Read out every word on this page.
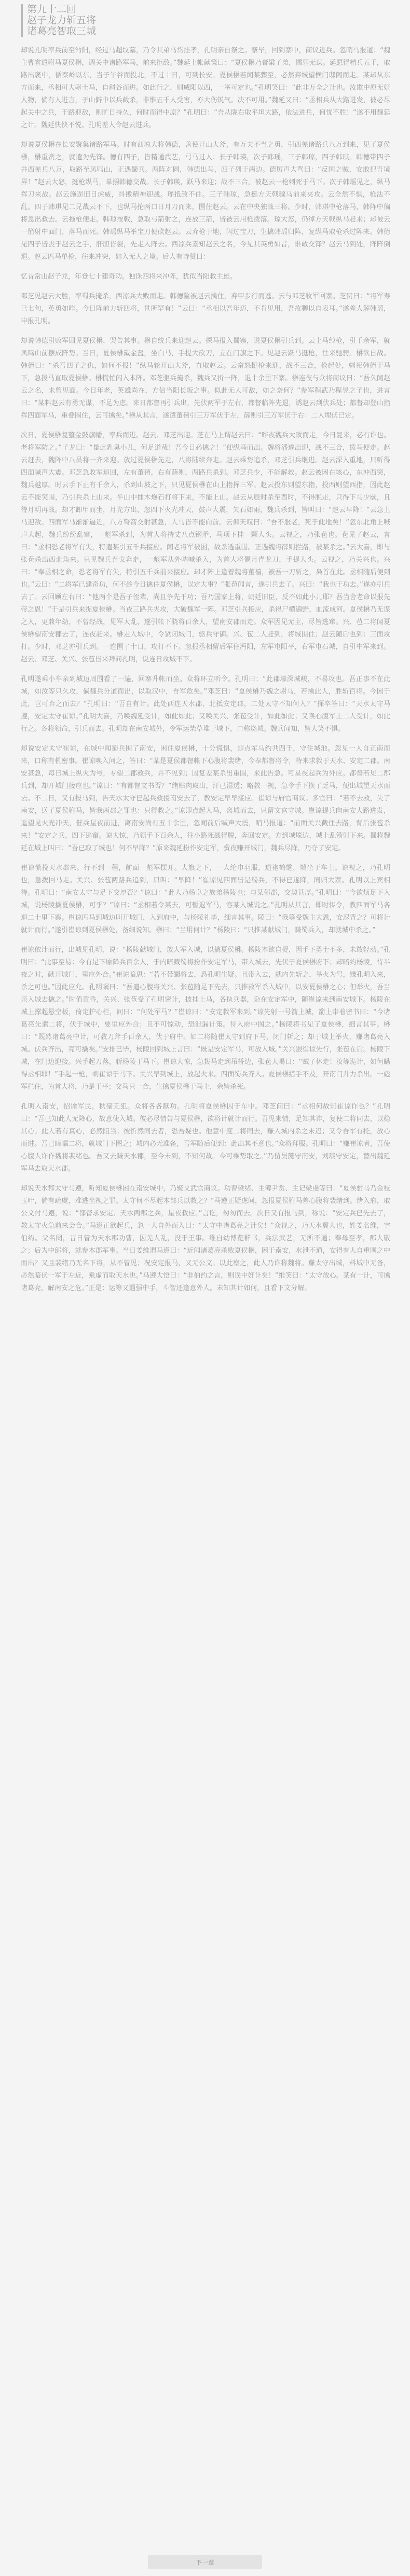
第九十二回
赵子龙力斩五将
诸葛亮智取三城

却说孔明率兵前至沔阳，经过马超坟墓，乃令其弟马岱挂孝，孔明亲自祭之。祭毕，回到寨中，商议进兵。忽哨马报道：“魏主曹睿遣驸马夏侯楙，调关中诸路军马，前来拒敌。”魏延上帐献策曰：“夏侯楙乃膏粱子弟，懦弱无谋。延愿得精兵五千，取路出褒中，循秦岭以东，当子午谷而投北，不过十日，可到长安。夏侯楙若闻某骤至，必然弃城望横门邸阁而走。某却从东方而来，丞相可大驱士马，自斜谷而进。如此行之，则咸阳以西，一举可定也。”孔明笑曰：“此非万全之计也。汝欺中原无好人物，倘有人进言，于山僻中以兵截杀，非惟五千人受害，亦大伤锐气。决不可用。”魏延又曰：“丞相兵从大路进发，彼必尽起关中之兵，于路迎敌，则旷日持久，何时而得中原？”孔明曰：“吾从陇右取平坦大路，依法进兵，何忧不胜！”遂不用魏延之计。魏延快快不悦。孔明差人令赵云进兵。

却说夏侯楙在长安聚集诸路军马。时有西凉大将韩德，善使开山大斧，有万夫不当之勇，引西羌诸路兵八万到来，见了夏侯楙，楙重赏之，就遣为先锋。德有四子，皆精通武艺，弓马过人：长子韩瑛，次子韩瑶，三子韩琼，四子韩琪。韩德带四子并西羌兵八万，取路至凤鸣山，正遇蜀兵。两阵对圆，韩德出马，四子列于两边。德厉声大骂曰：“反国之贼，安敢犯吾境界！”赵云大怒，挺枪纵马，单搦韩德交战。长子韩瑛，跃马来迎；战不三合，被赵云一枪刺死于马下。次子韩瑶见之，纵马挥刀来战。赵云施逞旧日虎威，抖擞精神迎战。瑶抵敌不住。三子韩琼，急挺方天戟骤马前来夹攻。云全然不惧，枪法不乱。四子韩琪见二兄战云不下，也纵马抡两口日月刀而来，围住赵云。云在中央独战三将。少时，韩琪中枪落马，韩阵中偏将急出救去。云拖枪便走。韩琼按戟，急取弓箭射之，连放三箭，皆被云用枪拨落。琼大怒，仍绰方天戟纵马赶来；却被云一箭射中面门，落马而死。韩瑶纵马举宝刀便砍赵云。云弃枪于地，闪过宝刀，生擒韩瑶归阵，复纵马取枪杀过阵来。韩德见四子皆丧于赵云之手，肝胆皆裂，先走入阵去。西凉兵素知赵云之名，今见其英勇如昔，谁敢交锋？赵云马到处，阵阵倒退。赵云匹马单枪，往来冲突，如入无人之境。后人有诗赞曰：

忆昔常山赵子龙，年登七十建奇功。独诛四将来冲阵，犹似当阳救主雄。

邓芝见赵云大胜，率蜀兵掩杀，西凉兵大败而走。韩德险被赵云擒住，弃甲步行而逃。云与邓芝收军回寨。芝贺曰：“将军寿已七旬，英勇如昨。今日阵前力斩四将，世所罕有！”云曰：“丞相以吾年迈，不肯见用，吾故聊以自表耳。”遂差人解韩瑶，申报孔明。

却说韩德引败军回见夏侯楙，哭告其事。楙自统兵来迎赵云。探马报入蜀寨，说夏侯楙引兵到。云上马绰枪，引千余军，就凤鸣山前摆成阵势。当日，夏侯楙戴金盔，坐白马，手提大砍刀，立在门旗之下。见赵云跃马挺枪，往来驰骋。楙欲自战。韩德曰：“杀吾四子之仇，如何不报！”纵马轮开山大斧，直取赵云。云奋怒挺枪来迎，战不三合，枪起处，刺死韩德于马下，急拨马直取夏侯楙。楙慌忙闪入本阵。邓芝驱兵掩杀，魏兵又折一阵，退十余里下寨。楙连夜与众将商议曰：“吾久闻赵云之名，未曾见面。今日年老，英雄尚在，方信当阳长坂之事。似此无人可敌，如之奈何？”参军程武乃程昱之子也，进言曰：“某料赵云有勇无谋，不足为虑。来日都督再引兵出，先伏两军于左右，都督临阵先退，诱赵云到伏兵处；都督却登山指挥四面军马，重叠围住，云可擒矣。”楙从其言，遂遣董禧引三万军伏于左，薛则引三万军伏于右：二人埋伏已定。

次日，夏侯楙复整金鼓旗幡，率兵而进。赵云、邓芝出迎。芝在马上谓赵云曰：“昨夜魏兵大败而走，今日复来，必有诈也。老将军防之。”子龙曰：“量此乳臭小儿，何足道哉！吾今日必擒之！”便纵马而出。魏将潘遂出迎，战不三合，拨马便走。赵云赶去，魏阵中八员将一齐来迎。放过夏侯楙先走，八将陆续奔走。赵云乘势追杀，邓芝引兵继进。赵云深入重地，只听得四面喊声大震。邓芝急收军退回，左有董禧，右有薛则，两路兵杀到。邓芝兵少，不能解救。赵云被困在垓心，东冲西突，魏兵越厚。时云手下止有千余人，杀到山坡之下，只见夏侯楙在山上指挥三军。赵云投东则望东指，投西则望西指，因此赵云不能突围，乃引兵杀上山来。半山中擂木炮石打将下来，不能上山。赵云从辰时杀至酉时，不得脱走，只得下马少歇，且待月明再战。却才卸甲而坐，月光方出，忽四下火光冲天，鼓声大震，矢石如雨，魏兵杀到，皆叫曰：“赵云早降！”云急上马迎敌。四面军马渐渐逼近，八方弩箭交射甚急，人马皆不能向前。云仰天叹曰：“吾不服老，死于此地矣！”忽东北角上喊声大起，魏兵纷纷乱窜，一彪军杀到，为首大将持丈八点钢矛，马项下挂一颗人头。云视之，乃张苞也。苞见了赵云，言曰：“丞相恐老将军有失，特遣某引五千兵接应。闻老将军被困，故杀透重围。正遇魏将薛则拦路，被某杀之。”云大喜，即与张苞杀出西北角来。只见魏兵弃戈奔走，一彪军从外呐喊杀入，为首大将偃月青龙刀，手提人头。云视之，乃关兴也。兴曰：“奉丞相之命，恐老将军有失，特引五千兵前来接应。却才阵上逢着魏将董禧，被吾一刀斩之，枭首在此。丞相随后便到也。”云曰：“二将军已建奇功，何不趁今日擒住夏侯楙，以定大事？”张苞闻言，遂引兵去了。兴曰：“我也干功去。”遂亦引兵去了。云回顾左右曰：“他两个是吾子侄辈，尚且争先干功；吾乃国家上将，朝廷旧臣，反不如此小儿耶？吾当舍老命以报先帝之恩！”于是引兵来捉夏侯楙。当夜三路兵夹攻，大破魏军一阵。邓芝引兵接应，杀得尸横遍野，血流成河。夏侯楙乃无谋之人，更兼年幼，不曾经战，见军大乱，遂引帐下骁将百余人，望南安郡而走。众军因见无主，尽皆逃窜。兴、苞二将闻夏侯楙望南安郡去了，连夜赶来。楙走入城中，令紧闭城门，驱兵守御。兴、苞二人赶到，将城围住；赵云随后也到：三面攻打。少时，邓芝亦引兵到。一连围了十日，攻打不下。忽报丞相留后军住沔阳，左军屯阳平，右军屯石城，自引中军来到。赵云、邓芝、关兴、张苞皆来拜问孔明，说连日攻城不下。

孔明遂乘小车亲到城边周围看了一遍，回寨升帐而坐。众将环立听令。孔明曰：“此郡壕深城峻，不易攻也。吾正事不在此城，如汝等只久攻，倘魏兵分道而出，以取汉中，吾军危矣。”邓芝曰：“夏侯楙乃魏之驸马，若擒此人，胜斩百将。今困于此，岂可弃之而去？”孔明曰：“吾自有计。此处西连天水郡，北抵安定郡，二处太守不知何人？”探卒答曰：“天水太守马遵，安定太守崔谅。”孔明大喜，乃唤魏延受计，如此如此；又唤关兴、张苞受计，如此如此；又唤心腹军士二人受计，如此行之。各将领命，引兵而去。孔明却在南安城外，令军运柴草堆于城下，口称烧城。魏兵闻知，皆大笑不惧。

却说安定太守崔谅，在城中闻蜀兵围了南安，困住夏侯楙，十分慌惧，即点军马约共四千，守住城池。忽见一人自正南而来，口称有机密事。崔谅唤入问之，答曰：“某是夏侯都督帐下心腹将裴绪，今奉都督将令，特来求救于天水、安定二郡。南安甚急，每日城上纵火为号，专望二郡救兵，并不见到；因复差某杀出重围，来此告急。可星夜起兵为外应。都督若见二郡兵到，却开城门接应也。”谅曰：“有都督文书否？”绪贴肉取出，汗已湿透；略教一视，急令手下换了乏马，便出城望天水而去。不二日，又有报马到，告天水太守已起兵救援南安去了，教安定早早接应。崔谅与府官商议。多官曰：“若不去救，失了南安，送了夏侯驸马，皆我两郡之罪也：只得救之。”谅即点起人马，离城而去，只留文官守城。崔谅提兵向南安大路进发，遥望见火光冲天，催兵星夜前进，离南安尚有五十余里，忽闻前后喊声大震，哨马报道：“前面关兴截住去路，背后张苞杀来！”安定之兵，四下逃窜。谅大惊，乃领手下百余人，往小路死战得脱，奔回安定。方到城壕边，城上乱箭射下来。蜀将魏延在城上叫曰：“吾已取了城也！何不早降？”原来魏延扮作安定军，夤夜赚开城门，魏兵尽降，乃夺了安定。

崔谅慌投天水郡来。行不到一程，前面一彪军摆开。大旗之下，一人纶巾羽服，道袍鹤氅，端坐于车上。谅视之，乃孔明也，急拨回马走。关兴、张苞两路兵追到，只叫：“早降！”崔谅见四面皆是蜀兵，不得已遂降，同归大寨。孔明以上宾相待。孔明曰：“南安太守与足下交厚否？”谅曰：“此人乃杨阜之族弟杨陵也；与某邻郡，交契甚厚。”孔明曰：“今欲烦足下入城，说杨陵擒夏侯楙，可乎？”谅曰：“丞相若令某去，可暂退军马，容某入城说之。”孔明从其言，即时传令，教四面军马各退二十里下寨。崔谅匹马到城边叫开城门，入到府中，与杨陵礼毕，细言其事。陵曰：“我等受魏主大恩，安忍背之？可将计就计而行。”遂引崔谅到夏侯楙处，备细说知。楙曰：“当用何计？”杨陵曰：“只推某献城门，赚蜀兵入，却就城中杀之。”

崔谅依计而行，出城见孔明，说：“杨陵献城门，放大军入城，以擒夏侯楙。杨陵本欲自捉，因手下勇士不多，未敢轻动。”孔明曰：“此事至易：今有足下原降兵百余人，于内暗藏蜀将扮作安定军马，带入城去，先伏于夏侯楙府下；却暗约杨陵，待半夜之时，献开城门，里应外合。”崔谅暗思：“若不带蜀将去，恐孔明生疑。且带入去，就内先斩之，举火为号，赚孔明入来，杀之可也。”因此应允。孔明嘱曰：“吾遣心腹将关兴、张苞随足下先去，只推救军杀入城中，以安夏侯楙之心；但举火，吾当亲入城去擒之。”时值黄昏，关兴、张苞受了孔明密计，披挂上马，各执兵器，杂在安定军中，随崔谅来到南安城下。杨陵在城上撑起悬空板，倚定护心栏，问曰：“何处军马？”崔谅曰：“安定救军来到。”谅先射一号箭上城，箭上带着密书曰：“今诸葛亮先遣二将，伏于城中，要里应外合；且不可惊动，恐泄漏计策。待入府中图之。”杨陵将书见了夏侯楙，细言其事。楙曰：“既然诸葛亮中计，可教刀斧手百余人，伏于府中。如二将随崔太守到府下马，闭门斩之；却于城上举火，赚诸葛亮入城。伏兵齐出，亮可擒矣。”安排已毕，杨陵回到城上言曰：“既是安定军马，可放入城。”关兴跟崔谅先行，张苞在后。杨陵下城，在门边迎接。兴手起刀落，斩杨陵于马下。崔谅大惊，急拨马走到吊桥边，张苞大喝曰：“贼子休走！汝等诡计，如何瞒得丞相耶！”手起一枪，刺崔谅于马下。关兴早到城上，放起火来。四面蜀兵齐入。夏侯楙措手不及，开南门并力杀出。一彪军拦住，为首大将，乃是王平；交马只一合，生擒夏侯楙于马上，余皆杀死。

孔明入南安，招谕军民，秋毫无犯。众将各各献功。孔明将夏侯楙囚于车中。邓芝问曰：“丞相何故知崔谅诈也？”孔明曰：“吾已知此人无降心，故意使入城。彼必尽情告与夏侯楙，欲将计就计而行。吾见来情，足知其诈，复使二将同去，以稳其心。此人若有真心，必然阻当；彼忻然同去者，恐吾疑也。他意中度二将同去，赚入城内杀之未迟；又令吾军有托，放心而进。吾已暗嘱二将，就城门下图之；城内必无准备，吾军随后便到：此出其不意也。”众将拜服。孔明曰：“赚崔谅者，吾使心腹人诈作魏将裴绪也。吾又去赚天水郡，至今未到，不知何故。今可乘势取之。”乃留吴懿守南安，刘琰守安定，替出魏延军马去取天水郡。

却说天水郡太守马遵，听知夏侯楙困在南安城中，乃聚文武官商议。功曹梁绪、主簿尹赏、主记梁虔等曰：“夏侯驸马乃金枝玉叶，倘有疏虞，难逃坐视之罪。太守何不尽起本部兵以救之？”马遵正疑虑间，忽报夏侯驸马差心腹将裴绪到。绪入府，取公文付马遵，说：“都督求安定、天水两郡之兵，星夜救应。”言讫，匆匆而去。次日又有报马到，称说：“安定兵已先去了，教太守火急前来会合。”马遵正欲起兵，忽一人自外而入曰：“太守中诸葛亮之计矣！”众视之，乃天水冀人也，姓姜名维，字伯约。父名冏，昔日曾为天水郡功曹，因羌人乱，没于王事。维自幼博览群书，兵法武艺，无所不通；奉母至孝，郡人敬之；后为中郎将，就参本郡军事。当日姜维谓马遵曰：“近闻诸葛亮杀败夏侯楙，困于南安，水泄不通，安得有人自重围之中而出？又且裴绪乃无名下将，从不曾见；况安定报马，又无公文。以此察之，此人乃诈称魏将。赚太守出城，料城中无备，必然暗伏一军于左近，乘虚而取天水也。”马遵大悟曰：“非伯约之言，则误中奸计矣！”维笑曰：“太守放心。某有一计，可擒诸葛亮，解南安之危。”正是：运筹又遇强中手，斗智还逢意外人。未知其计如何，且看下文分解。

下一章
